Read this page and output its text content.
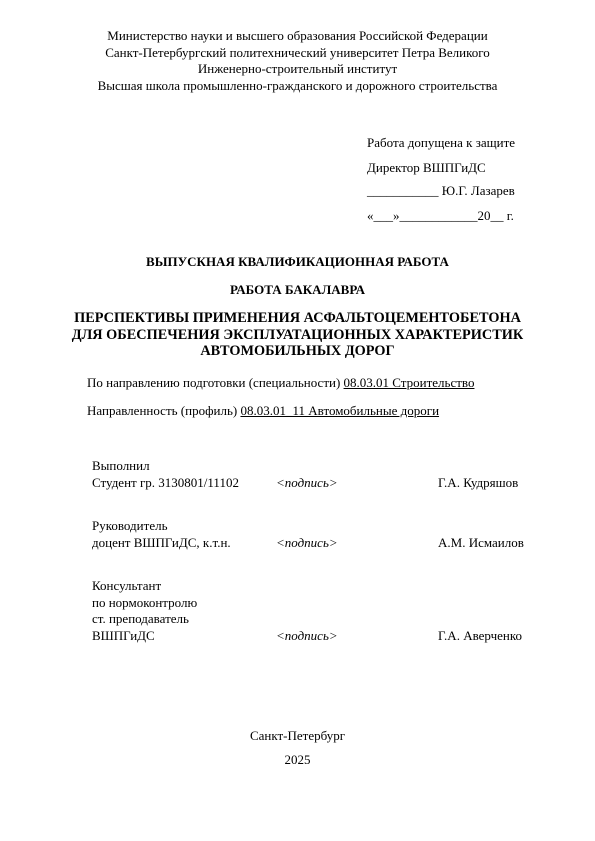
Министерство науки и высшего образования Российской Федерации
Санкт-Петербургский политехнический университет Петра Великого
Инженерно-строительный институт
Высшая школа промышленно-гражданского и дорожного строительства
Работа допущена к защите
Директор ВШПГиДС
___________ Ю.Г. Лазарев
«___»____________20__ г.
ВЫПУСКНАЯ КВАЛИФИКАЦИОННАЯ РАБОТА
РАБОТА БАКАЛАВРА
ПЕРСПЕКТИВЫ ПРИМЕНЕНИЯ АСФАЛЬТОЦЕМЕНТОБЕТОНА
ДЛЯ ОБЕСПЕЧЕНИЯ ЭКСПЛУАТАЦИОННЫХ ХАРАКТЕРИСТИК
АВТОМОБИЛЬНЫХ ДОРОГ
По направлению подготовки (специальности) 08.03.01 Строительство
Направленность (профиль) 08.03.01_11 Автомобильные дороги
Выполнил
Студент гр. 3130801/11102	<подпись>	Г.А. Кудряшов
Руководитель
доцент ВШПГиДС, к.т.н.	<подпись>	А.М. Исмаилов
Консультант
по нормоконтролю
ст. преподаватель
ВШПГиДС	<подпись>	Г.А. Аверченко
Санкт-Петербург
2025
